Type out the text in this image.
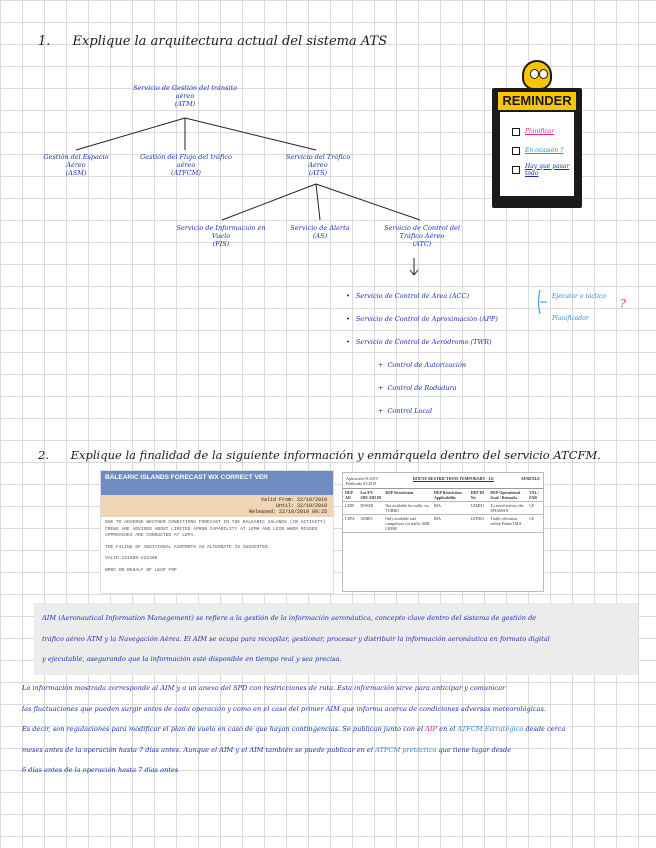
1. Explique la arquitectura actual del sistema ATS
Servicio de Gestión del tránsito aéreo
(ATM)
Gestión del Espacio Aéreo
(ASM)
Gestión del Flujo del tráfico aéreo
(ATFCM)
Servicio del Tráfico Aéreo
(ATS)
Servicio de Información en Vuelo
(FIS)
Servicio de Alerta
(AS)
Servicio de Control del Tráfico Aéreo
(ATC)
• Servicio de Control de Área (ACC)
• Servicio de Control de Aproximación (APP)
• Servicio de Control de Aeródromo (TWR)
+ Control de Autorización
+ Control de Rodadura
+ Control Local
Ejecutor o táctico
Planificador
?
REMINDER
Planificar
En ocasión ?
Hay que pasar todo
2. Explique la finalidad de la siguiente información y enmárquela dentro del servicio ATCFM.
BALEARIC ISLANDS FORECAST WX CORRECT VER
Valid From: 22/10/2019
Until: 22/10/2019
Released: 22/10/2019 09:25

DUE TO ADVERSE WEATHER CONDITIONS FORECAST IN THE BALEARIC ISLANDS (CB ACTIVITY) CREWS ARE ADVISED ABOUT LIMITED APRON CAPABILITY AT LEMH AND LEIB WHEN MISSED APPROACHES ARE CONDUCTED AT LEPA.

THE FILING OF ADDITIONAL AIRPORTS AS ALTERNATE IS SUGGESTED.

VALID:221500-222300

NMOC ON BEHALF OF LECP FMP

Aplicación 01/2019 Publicado 01/2019
ROUTE RESTRICTIONS TEMPORARY - LE	AFREXLE
DEP AD	Loc/FV SID/ SID ID	DEP Restriction	DEP Restriction Applicability	DEP ID No	DEP Operational Goal / Remarks	VAL / FAB
LEIB	DOKIB	Not available for traffic via TURBO	IBA	LEMD1	To avoid activity the SPIAMAN	LE
LEPA	AMBO	Only available and compulsory for traffic ARR LEMH	IBA	LEPA01	Traffic elevation within Palma TMA	LE
AIM (Aeronautical Information Management) se refiere a la gestión de la información aeronáutica, concepto clave dentro del sistema de gestión de
tráfico aéreo ATM y la Navegación Aérea. El AIM se ocupa para recopilar, gestionar, procesar y distribuir la información aeronáutica en formato digital
y ejecutable, asegurando que la información esté disponible en tiempo real y sea precisa.
La información mostrada corresponde al AIM y a un anexo del SPD con restricciones de ruta. Esta información sirve para anticipar y comunicar
las fluctuaciones que pueden surgir antes de cada operación y como en el caso del primer AIM que informa acerca de condiciones adversas meteorológicas.
Es decir, son regulaciones para modificar el plan de vuelo en caso de que hayan contingencias. Se publican junto con el AIP en el ATFCM Estratégico desde cerca
meses antes de la operación hasta 7 días antes. Aunque el AIM y el AIM también se puede publicar en el ATFCM pretáctico que tiene lugar desde
6 días antes de la operación hasta 7 días antes
